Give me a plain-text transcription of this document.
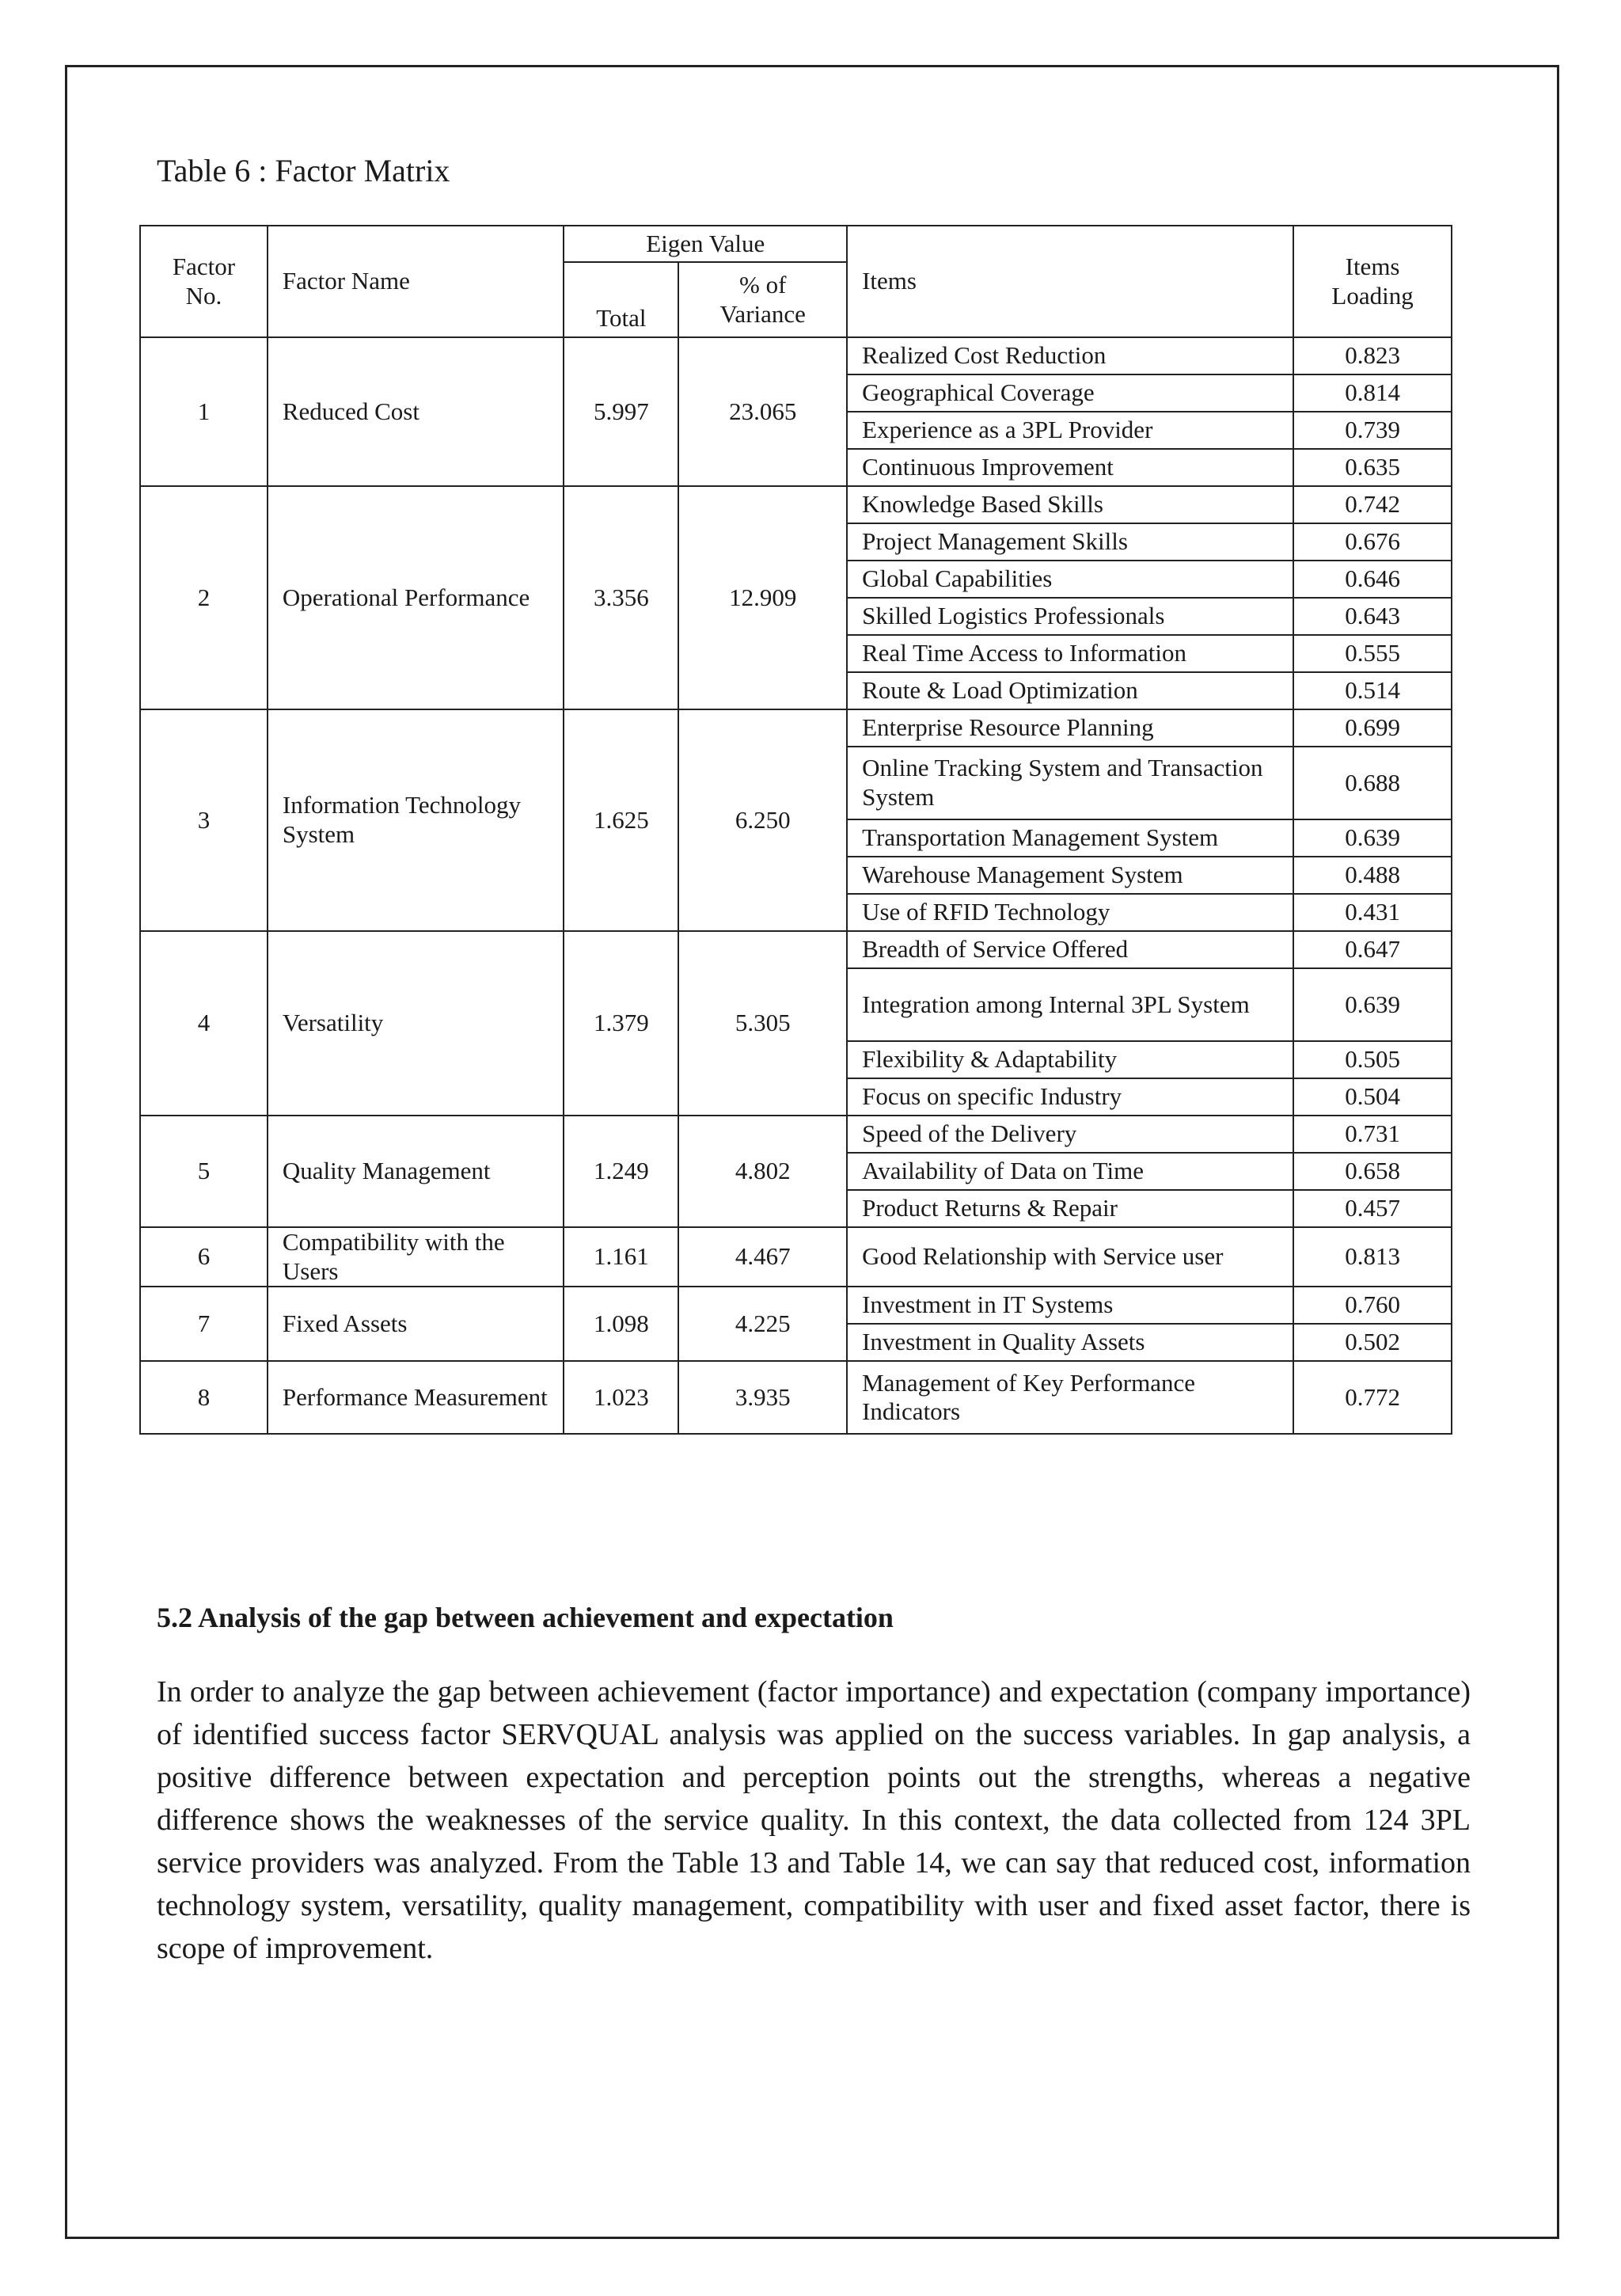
Table 6 : Factor Matrix
Factor No.	Factor Name	Eigen Value		Items	Items Loading
		Total	% of Variance		
1	Reduced Cost	5.997	23.065	Realized Cost Reduction	0.823
				Geographical Coverage	0.814
				Experience as a 3PL Provider	0.739
				Continuous Improvement	0.635
2	Operational Performance	3.356	12.909	Knowledge Based Skills	0.742
				Project Management Skills	0.676
				Global Capabilities	0.646
				Skilled Logistics Professionals	0.643
				Real Time Access to Information	0.555
				Route & Load Optimization	0.514
3	Information Technology System	1.625	6.250	Enterprise Resource Planning	0.699
				Online Tracking System and Transaction System	0.688
				Transportation Management System	0.639
				Warehouse Management System	0.488
				Use of RFID Technology	0.431
4	Versatility	1.379	5.305	Breadth of Service Offered	0.647
				Integration among Internal 3PL System	0.639
				Flexibility & Adaptability	0.505
				Focus on specific Industry	0.504
5	Quality Management	1.249	4.802	Speed of the Delivery	0.731
				Availability of Data on Time	0.658
				Product Returns & Repair	0.457
6	Compatibility with the Users	1.161	4.467	Good Relationship with Service user	0.813
7	Fixed Assets	1.098	4.225	Investment in IT Systems	0.760
				Investment in Quality Assets	0.502
8	Performance Measurement	1.023	3.935	Management of Key Performance Indicators	0.772
5.2 Analysis of the gap between achievement and expectation
In order to analyze the gap between achievement (factor importance) and expectation (company importance) of identified success factor SERVQUAL analysis was applied on the success variables. In gap analysis, a positive difference between expectation and perception points out the strengths, whereas a negative difference shows the weaknesses of the service quality. In this context, the data collected from 124 3PL service providers was analyzed. From the Table 13 and Table 14, we can say that reduced cost, information technology system, versatility, quality management, compatibility with user and fixed asset factor, there is scope of improvement.
